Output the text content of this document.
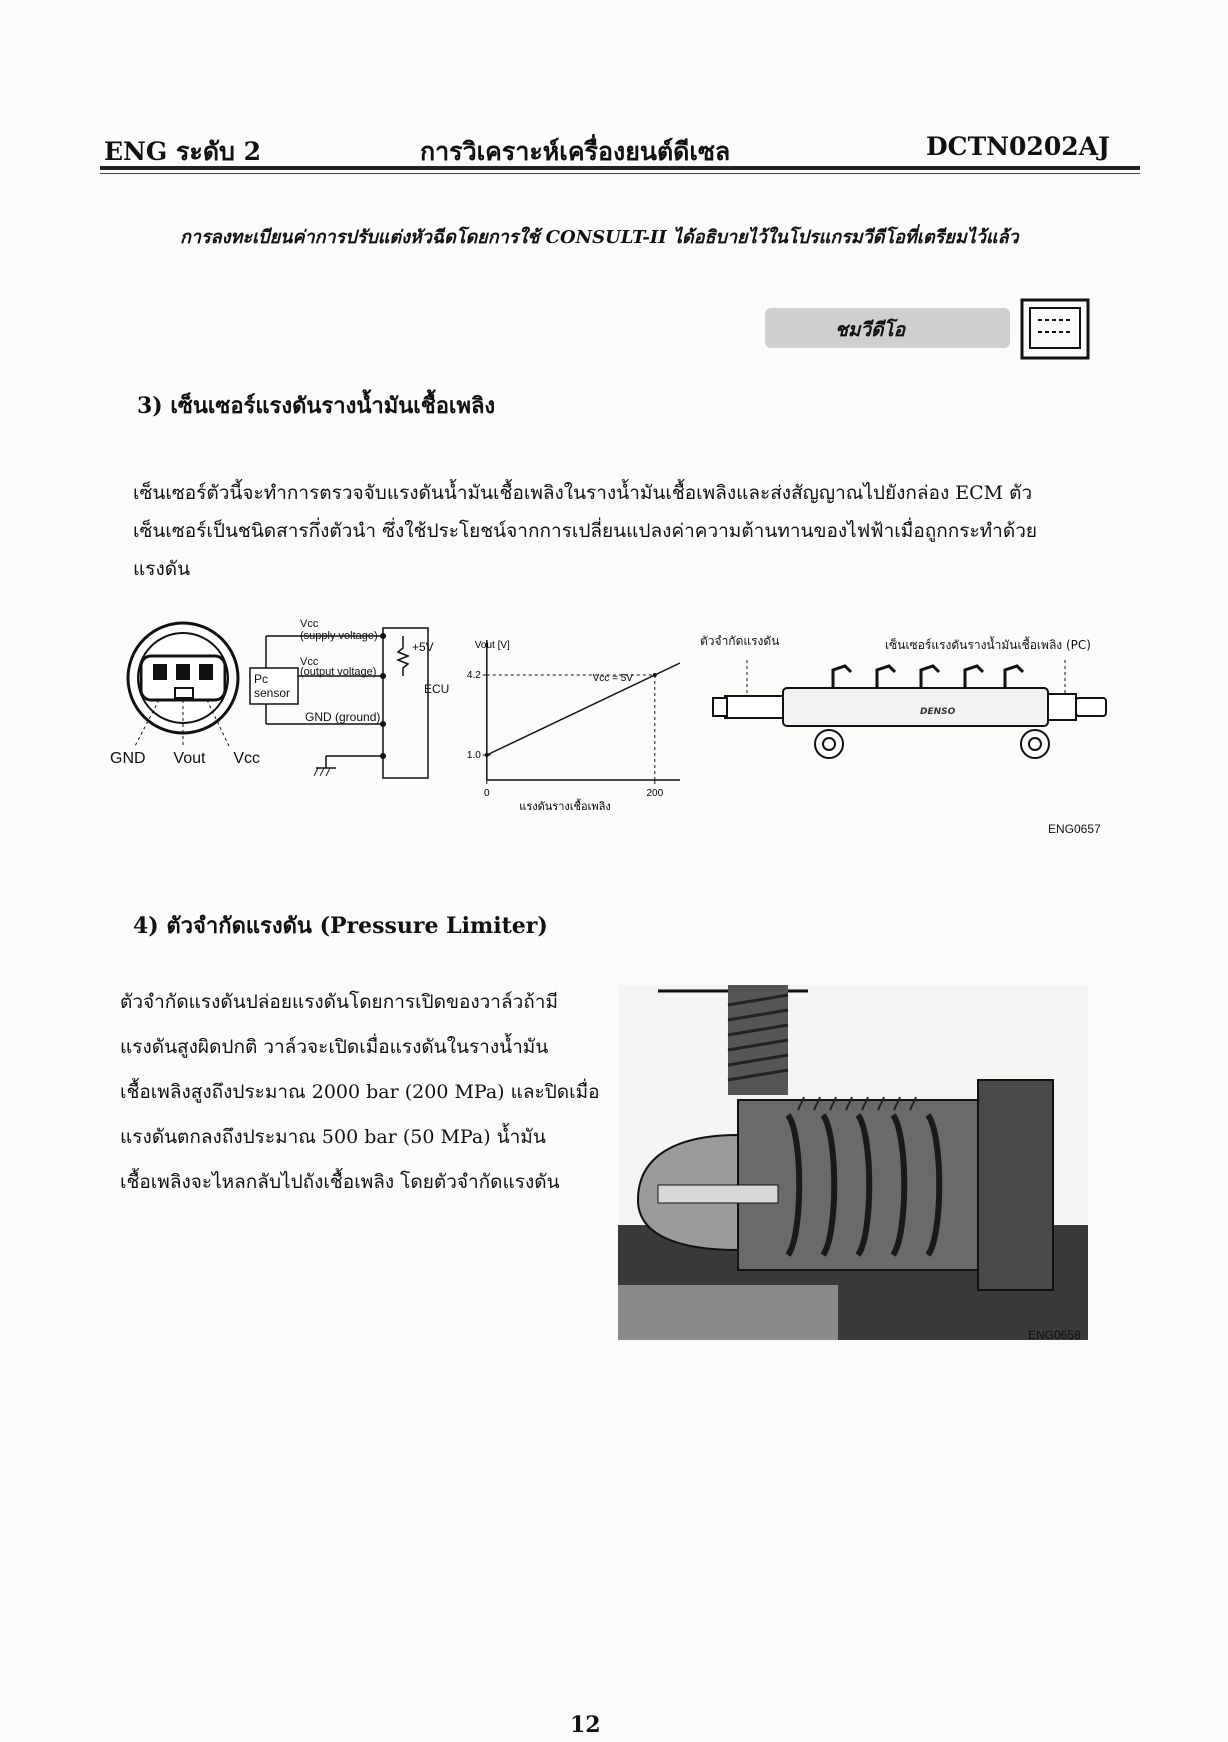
ENG ระดับ 2	การวิเคราะห์เครื่องยนต์ดีเซล	DCTN0202AJ
การลงทะเบียนค่าการปรับแต่งหัวฉีดโดยการใช้ CONSULT-II ได้อธิบายไว้ในโปรแกรมวีดีโอที่เตรียมไว้แล้ว
ชมวีดีโอ
3) เซ็นเซอร์แรงดันรางน้ำมันเชื้อเพลิง
เซ็นเซอร์ตัวนี้จะทำการตรวจจับแรงดันน้ำมันเชื้อเพลิงในรางน้ำมันเชื้อเพลิงและส่งสัญญาณไปยังกล่อง ECM ตัว
เซ็นเซอร์เป็นชนิดสารกึ่งตัวนำ ซึ่งใช้ประโยชน์จากการเปลี่ยนแปลงค่าความต้านทานของไฟฟ้าเมื่อถูกกระทำด้วย
แรงดัน
GND Vout Vcc
Vcc
(supply voltage)
Vcc
(output voltage)
Pc
sensor
+5V
ECU
GND (ground)
1.0
4.2
0	200
Vout [V]
แรงดันรางเชื้อเพลิง
Vcc = 5V
DENSO
ตัวจำกัดแรงดัน	เซ็นเซอร์แรงดันรางน้ำมันเชื้อเพลิง (PC)
ENG0657
4) ตัวจำกัดแรงดัน (Pressure Limiter)
ตัวจำกัดแรงดันปล่อยแรงดันโดยการเปิดของวาล์วถ้ามี
แรงดันสูงผิดปกติ วาล์วจะเปิดเมื่อแรงดันในรางน้ำมัน
เชื้อเพลิงสูงถึงประมาณ 2000 bar (200 MPa) และปิดเมื่อ
แรงดันตกลงถึงประมาณ 500 bar (50 MPa) น้ำมัน
เชื้อเพลิงจะไหลกลับไปถังเชื้อเพลิง โดยตัวจำกัดแรงดัน
ENG0658
12
